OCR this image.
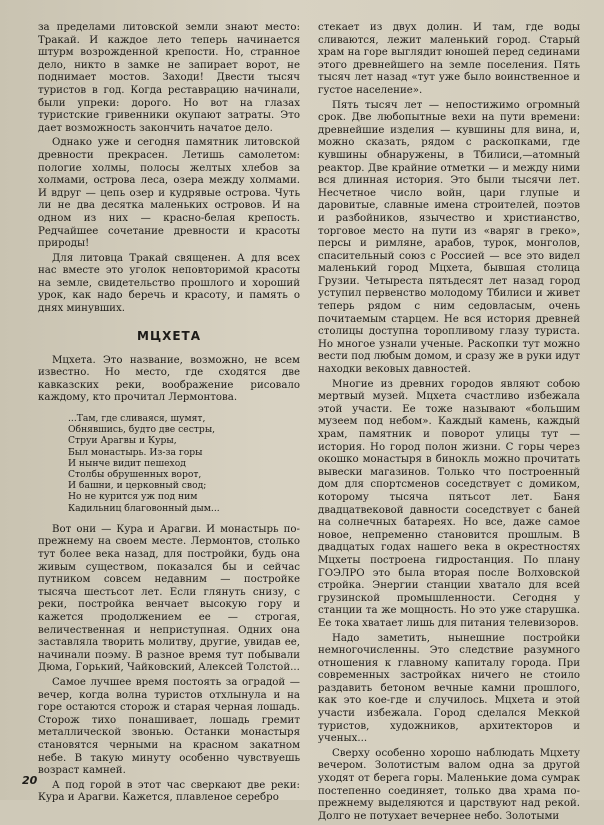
за пределами литовской земли знают место: Тракай. И каждое лето теперь начинается штурм возрожденной крепости. Но, странное дело, никто в замке не запирает ворот, не поднимает мостов. Заходи! Двести тысяч туристов в год. Когда реставрацию начинали, были упреки: дорого. Но вот на глазах туристские гривенники окупают затраты. Это дает возможность закончить начатое дело.

Однако уже и сегодня памятник литовской древности прекрасен. Летишь самолетом: пологие холмы, полосы желтых хлебов за холмами, острова леса, озера между холмами. И вдруг — цепь озер и кудрявые острова. Чуть ли не два десятка маленьких островов. И на одном из них — красно-белая крепость. Редчайшее сочетание древности и красоты природы!

Для литовца Тракай священен. А для всех нас вместе это уголок неповторимой красоты на земле, свидетельство прошлого и хороший урок, как надо беречь и красоту, и память о днях минувших.

МЦХЕТА

Мцхета. Это название, возможно, не всем известно. Но место, где сходятся две кавказских реки, воображение рисовало каждому, кто прочитал Лермонтова.

...Там, где сливаяся, шумят,
Обнявшись, будто две сестры,
Струи Арагвы и Куры,
Был монастырь. Из-за горы
И нынче видит пешеход
Столбы обрушенных ворот,
И башни, и церковный свод;
Но не курится уж под ним
Кадильниц благовонный дым...

Вот они — Кура и Арагви. И монастырь по-прежнему на своем месте. Лермонтов, столько тут более века назад, для постройки, будь она живым существом, показался бы и сейчас путником совсем недавним — постройке тысяча шестьсот лет. Если глянуть снизу, с реки, постройка венчает высокую гору и кажется продолжением ее — строгая, величественная и неприступная. Одних она заставляла творить молитву, другие, увидав ее, начинали поэму. В разное время тут побывали Дюма, Горький, Чайковский, Алексей Толстой...

Самое лучшее время постоять за оградой — вечер, когда волна туристов отхлынула и на горе остаются сторож и старая черная лошадь. Сторож тихо понашивает, лошадь гремит металлической звонью. Останки монастыря становятся черными на красном закатном небе. В такую минуту особенно чувствуешь возраст камней.

А под горой в этот час сверкают две реки: Кура и Арагви. Кажется, плавленое серебро

стекает из двух долин. И там, где воды сливаются, лежит маленький город. Старый храм на горе выглядит юношей перед сединами этого древнейшего на земле поселения. Пять тысяч лет назад «тут уже было воинственное и густое население».

Пять тысяч лет — непостижимо огромный срок. Две любопытные вехи на пути времени: древнейшие изделия — кувшины для вина, и, можно сказать, рядом с раскопками, где кувшины обнаружены, в Тбилиси,—атомный реактор. Две крайние отметки — и между ними вся длинная история. Это были тысячи лет. Несчетное число войн, цари глупые и даровитые, славные имена строителей, поэтов и разбойников, язычество и христианство, торговое место на пути из «варяг в греко», персы и римляне, арабов, турок, монголов, спасительный союз с Россией — все это видел маленький город Мцхета, бывшая столица Грузии. Четыреста пятьдесят лет назад город уступил первенство молодому Тбилиси и живет теперь рядом с ним седовласым, очень почитаемым старцем. Не вся история древней столицы доступна торопливому глазу туриста. Но многое узнали ученые. Раскопки тут можно вести под любым домом, и сразу же в руки идут находки вековых давностей.

Многие из древних городов являют собою мертвый музей. Мцхета счастливо избежала этой участи. Ее тоже называют «большим музеем под небом». Каждый камень, каждый храм, памятник и поворот улицы тут — история. Но город полон жизни. С горы через окошко монастыря в бинокль можно прочитать вывески магазинов. Только что построенный дом для спортсменов соседствует с домиком, которому тысяча пятьсот лет. Баня двадцатвековой давности соседствует с баней на солнечных батареях. Но все, даже самое новое, непременно становится прошлым. В двадцатых годах нашего века в окрестностях Мцхеты построена гидростанция. По плану ГОЭЛРО это была вторая после Волховской стройка. Энергии станции хватало для всей грузинской промышленности. Сегодня у станции та же мощность. Но это уже старушка. Ее тока хватает лишь для питания телевизоров.

Надо заметить, нынешние постройки немногочисленны. Это следствие разумного отношения к главному капиталу города. При современных застройках ничего не стоило раздавить бетоном вечные камни прошлого, как это кое-где и случилось. Мцхета и этой участи избежала. Город сделался Меккой туристов, художников, архитекторов и ученых...

Сверху особенно хорошо наблюдать Мцхету вечером. Золотистым валом одна за другой уходят от берега горы. Маленькие дома сумрак постепенно соединяет, только два храма по-прежнему выделяются и царствуют над рекой. Долго не потухает вечернее небо. Золотыми

20
